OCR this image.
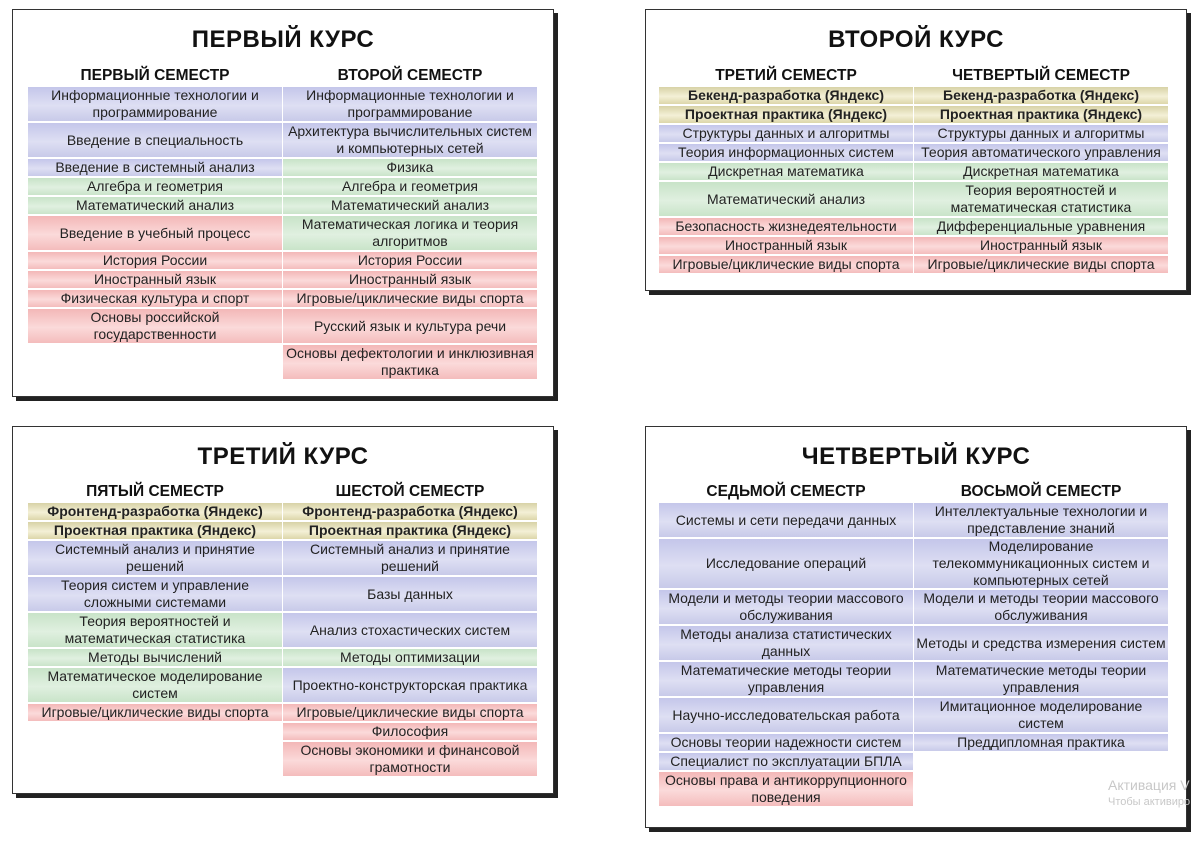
ПЕРВЫЙ КУРС
ПЕРВЫЙ СЕМЕСТР
Информационные технологии и программирование
Введение в специальность
Введение в системный анализ
Алгебра и геометрия
Математический анализ
Введение в учебный процесс
История России
Иностранный язык
Физическая культура и спорт
Основы российской государственности
ВТОРОЙ СЕМЕСТР
Информационные технологии и программирование
Архитектура вычислительных систем и компьютерных сетей
Физика
Алгебра и геометрия
Математический анализ
Математическая логика и теория алгоритмов
История России
Иностранный язык
Игровые/циклические виды спорта
Русский язык и культура речи
Основы дефектологии и инклюзивная практика
ВТОРОЙ КУРС
ТРЕТИЙ СЕМЕСТР
Бекенд-разработка (Яндекс)
Проектная практика (Яндекс)
Структуры данных и алгоритмы
Теория информационных систем
Дискретная математика
Математический анализ
Безопасность жизнедеятельности
Иностранный язык
Игровые/циклические виды спорта
ЧЕТВЕРТЫЙ СЕМЕСТР
Бекенд-разработка (Яндекс)
Проектная практика (Яндекс)
Структуры данных и алгоритмы
Теория автоматического управления
Дискретная математика
Теория вероятностей и математическая статистика
Дифференциальные уравнения
Иностранный язык
Игровые/циклические виды спорта
ТРЕТИЙ КУРС
ПЯТЫЙ СЕМЕСТР
Фронтенд-разработка (Яндекс)
Проектная практика (Яндекс)
Системный анализ и принятие решений
Теория систем и управление сложными системами
Теория вероятностей и математическая статистика
Методы вычислений
Математическое моделирование систем
Игровые/циклические виды спорта
ШЕСТОЙ СЕМЕСТР
Фронтенд-разработка (Яндекс)
Проектная практика (Яндекс)
Системный анализ и принятие решений
Базы данных
Анализ стохастических систем
Методы оптимизации
Проектно-конструкторская практика
Игровые/циклические виды спорта
Философия
Основы экономики и финансовой грамотности
ЧЕТВЕРТЫЙ КУРС
СЕДЬМОЙ СЕМЕСТР
Системы и сети передачи данных
Исследование операций
Модели и методы теории массового обслуживания
Методы анализа статистических данных
Математические методы теории управления
Научно-исследовательская работа
Основы теории надежности систем
Специалист по эксплуатации БПЛА
Основы права и антикоррупционного поведения
ВОСЬМОЙ СЕМЕСТР
Интеллектуальные технологии и представление знаний
Моделирование телекоммуникационных систем и компьютерных сетей
Модели и методы теории массового обслуживания
Методы и средства измерения систем
Математические методы теории управления
Имитационное моделирование систем
Преддипломная практика
Активация V
Чтобы активиро
